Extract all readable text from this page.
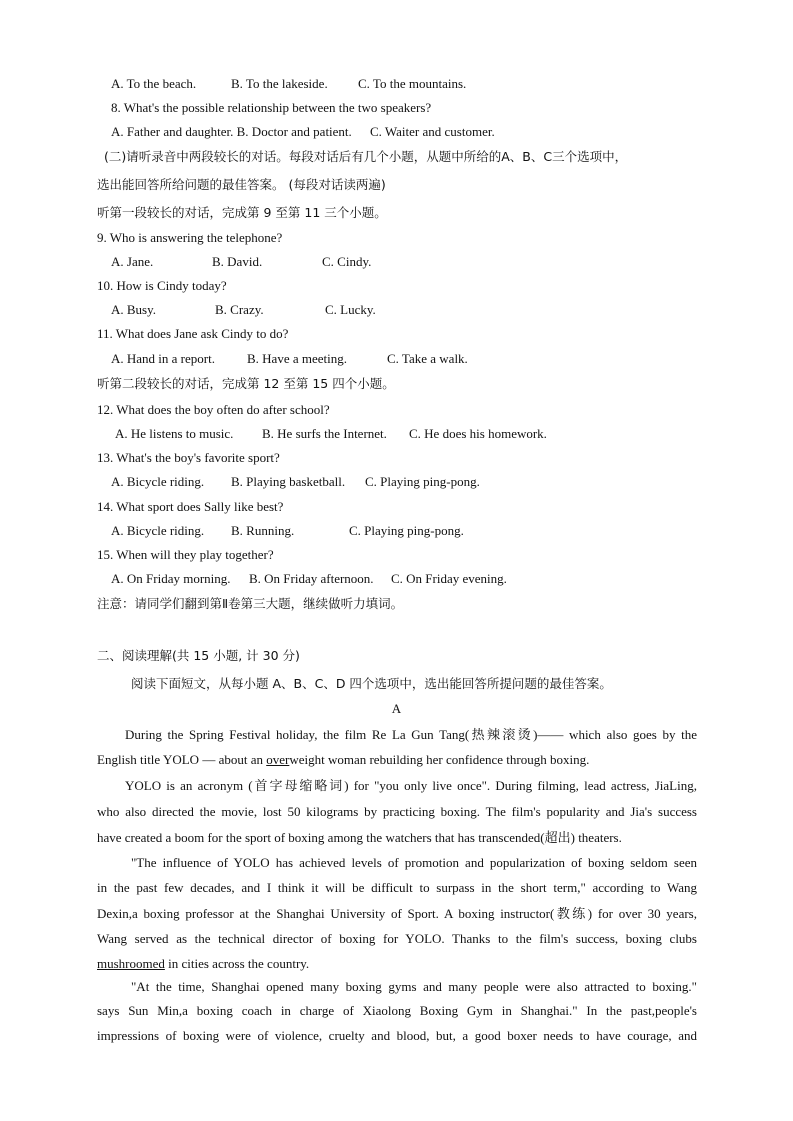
A. To the beach.	B. To the lakeside. C. To the mountains.
8. What's the possible relationship between the two speakers?
A. Father and daughter. B. Doctor and patient. C. Waiter and customer.
(二)请听录音中两段较长的对话。每段对话后有几个小题，从题中所给的A、B、C三个选项中，
选出能回答所给问题的最佳答案。 (每段对话读两遍)
听第一段较长的对话，完成第 9 至第 11 三个小题。
9. Who is answering the telephone?
A. Jane.	B. David.	C. Cindy.
10. How is Cindy today?
A. Busy.	B. Crazy.	C. Lucky.
11. What does Jane ask Cindy to do?
A. Hand in a report. B. Have a meeting.	C. Take a walk.
听第二段较长的对话，完成第 12 至第 15 四个小题。
12. What does the boy often do after school?
A. He listens to music. B. He surfs the Internet. C. He does his homework.
13. What's the boy's favorite sport?
A. Bicycle riding. B. Playing basketball. C. Playing ping-pong.
14. What sport does Sally like best?
A. Bicycle riding. B. Running.	C. Playing ping-pong.
15. When will they play together?
A. On Friday morning. B. On Friday afternoon. C. On Friday evening.
注意：请同学们翻到第Ⅱ卷第三大题，继续做听力填词。
二、阅读理解(共 15 小题, 计 30 分)
阅读下面短文，从每小题 A、B、C、D 四个选项中，选出能回答所提问题的最佳答案。
A
During the Spring Festival holiday, the film Re La Gun Tang(热辣滚烫)—— which also goes by the
English title YOLO — about an overweight woman rebuilding her confidence through boxing.
YOLO is an acronym (首字母缩略词) for "you only live once". During filming, lead actress, JiaLing,
who also directed the movie, lost 50 kilograms by practicing boxing. The film's popularity and Jia's success
have created a boom for the sport of boxing among the watchers that has transcended(超出) theaters.
"The influence of YOLO has achieved levels of promotion and popularization of boxing seldom seen
in the past few decades, and I think it will be difficult to surpass in the short term," according to Wang
Dexin,a boxing professor at the Shanghai University of Sport. A boxing instructor(教练) for over 30 years,
Wang served as the technical director of boxing for YOLO. Thanks to the film's success, boxing clubs
mushroomed in cities across the country.
"At the time, Shanghai opened many boxing gyms and many people were also attracted to boxing."
says Sun Min,a boxing coach in charge of Xiaolong Boxing Gym in Shanghai." In the past,people's
impressions of boxing were of violence, cruelty and blood, but, a good boxer needs to have courage, and
